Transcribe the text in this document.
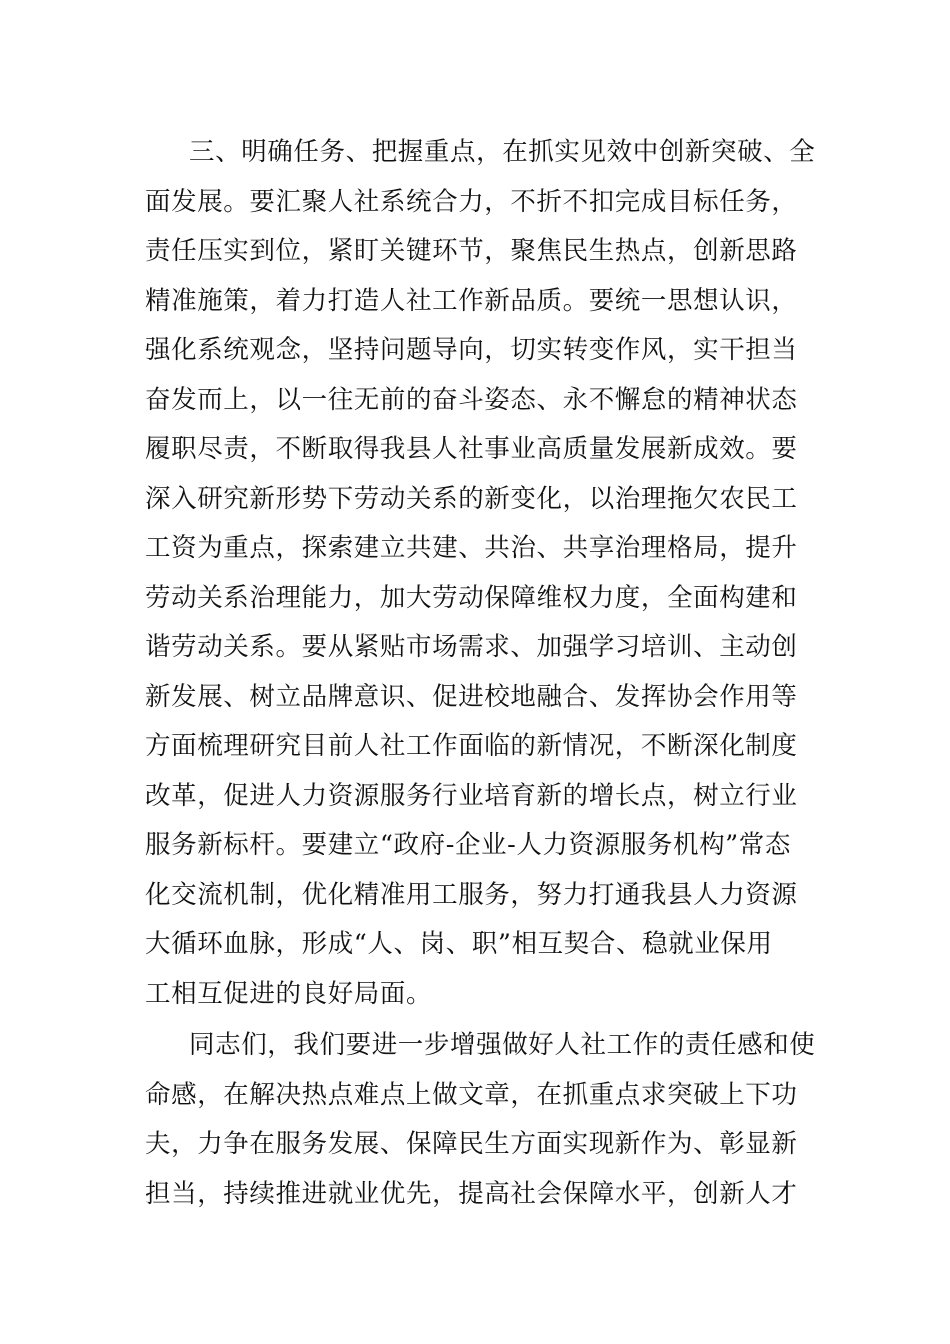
三、明确任务、把握重点，在抓实见效中创新突破、全
面发展。要汇聚人社系统合力，不折不扣完成目标任务，
责任压实到位，紧盯关键环节，聚焦民生热点，创新思路
精准施策，着力打造人社工作新品质。要统一思想认识，
强化系统观念，坚持问题导向，切实转变作风，实干担当
奋发而上，以一往无前的奋斗姿态、永不懈怠的精神状态
履职尽责，不断取得我县人社事业高质量发展新成效。要
深入研究新形势下劳动关系的新变化，以治理拖欠农民工
工资为重点，探索建立共建、共治、共享治理格局，提升
劳动关系治理能力，加大劳动保障维权力度，全面构建和
谐劳动关系。要从紧贴市场需求、加强学习培训、主动创
新发展、树立品牌意识、促进校地融合、发挥协会作用等
方面梳理研究目前人社工作面临的新情况，不断深化制度
改革，促进人力资源服务行业培育新的增长点，树立行业
服务新标杆。要建立“政府-企业-人力资源服务机构”常态
化交流机制，优化精准用工服务，努力打通我县人力资源
大循环血脉，形成“人、岗、职”相互契合、稳就业保用
工相互促进的良好局面。
同志们，我们要进一步增强做好人社工作的责任感和使
命感，在解决热点难点上做文章，在抓重点求突破上下功
夫，力争在服务发展、保障民生方面实现新作为、彰显新
担当，持续推进就业优先，提高社会保障水平，创新人才
